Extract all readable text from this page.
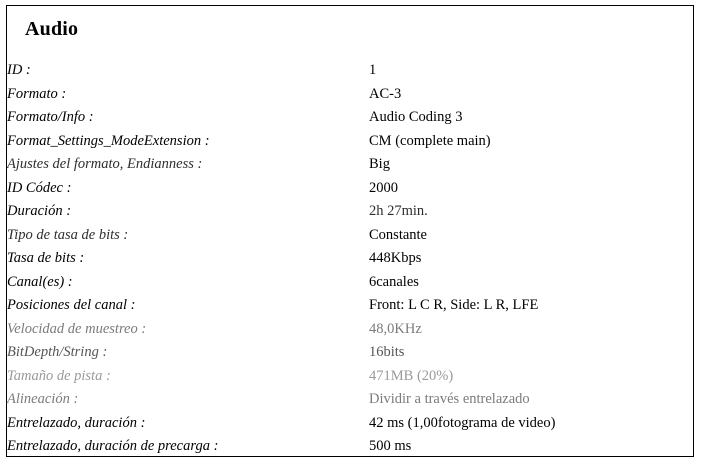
Audio
ID :	1
Formato :	AC-3
Formato/Info :	Audio Coding 3
Format_Settings_ModeExtension :	CM (complete main)
Ajustes del formato, Endianness :	Big
ID Códec :	2000
Duración :	2h 27min.
Tipo de tasa de bits :	Constante
Tasa de bits :	448Kbps
Canal(es) :	6canales
Posiciones del canal :	Front: L C R, Side: L R, LFE
Velocidad de muestreo :	48,0KHz
BitDepth/String :	16bits
Tamaño de pista :	471MB (20%)
Alineación :	Dividir a través entrelazado
Entrelazado, duración :	42 ms (1,00fotograma de video)
Entrelazado, duración de precarga :	500 ms
